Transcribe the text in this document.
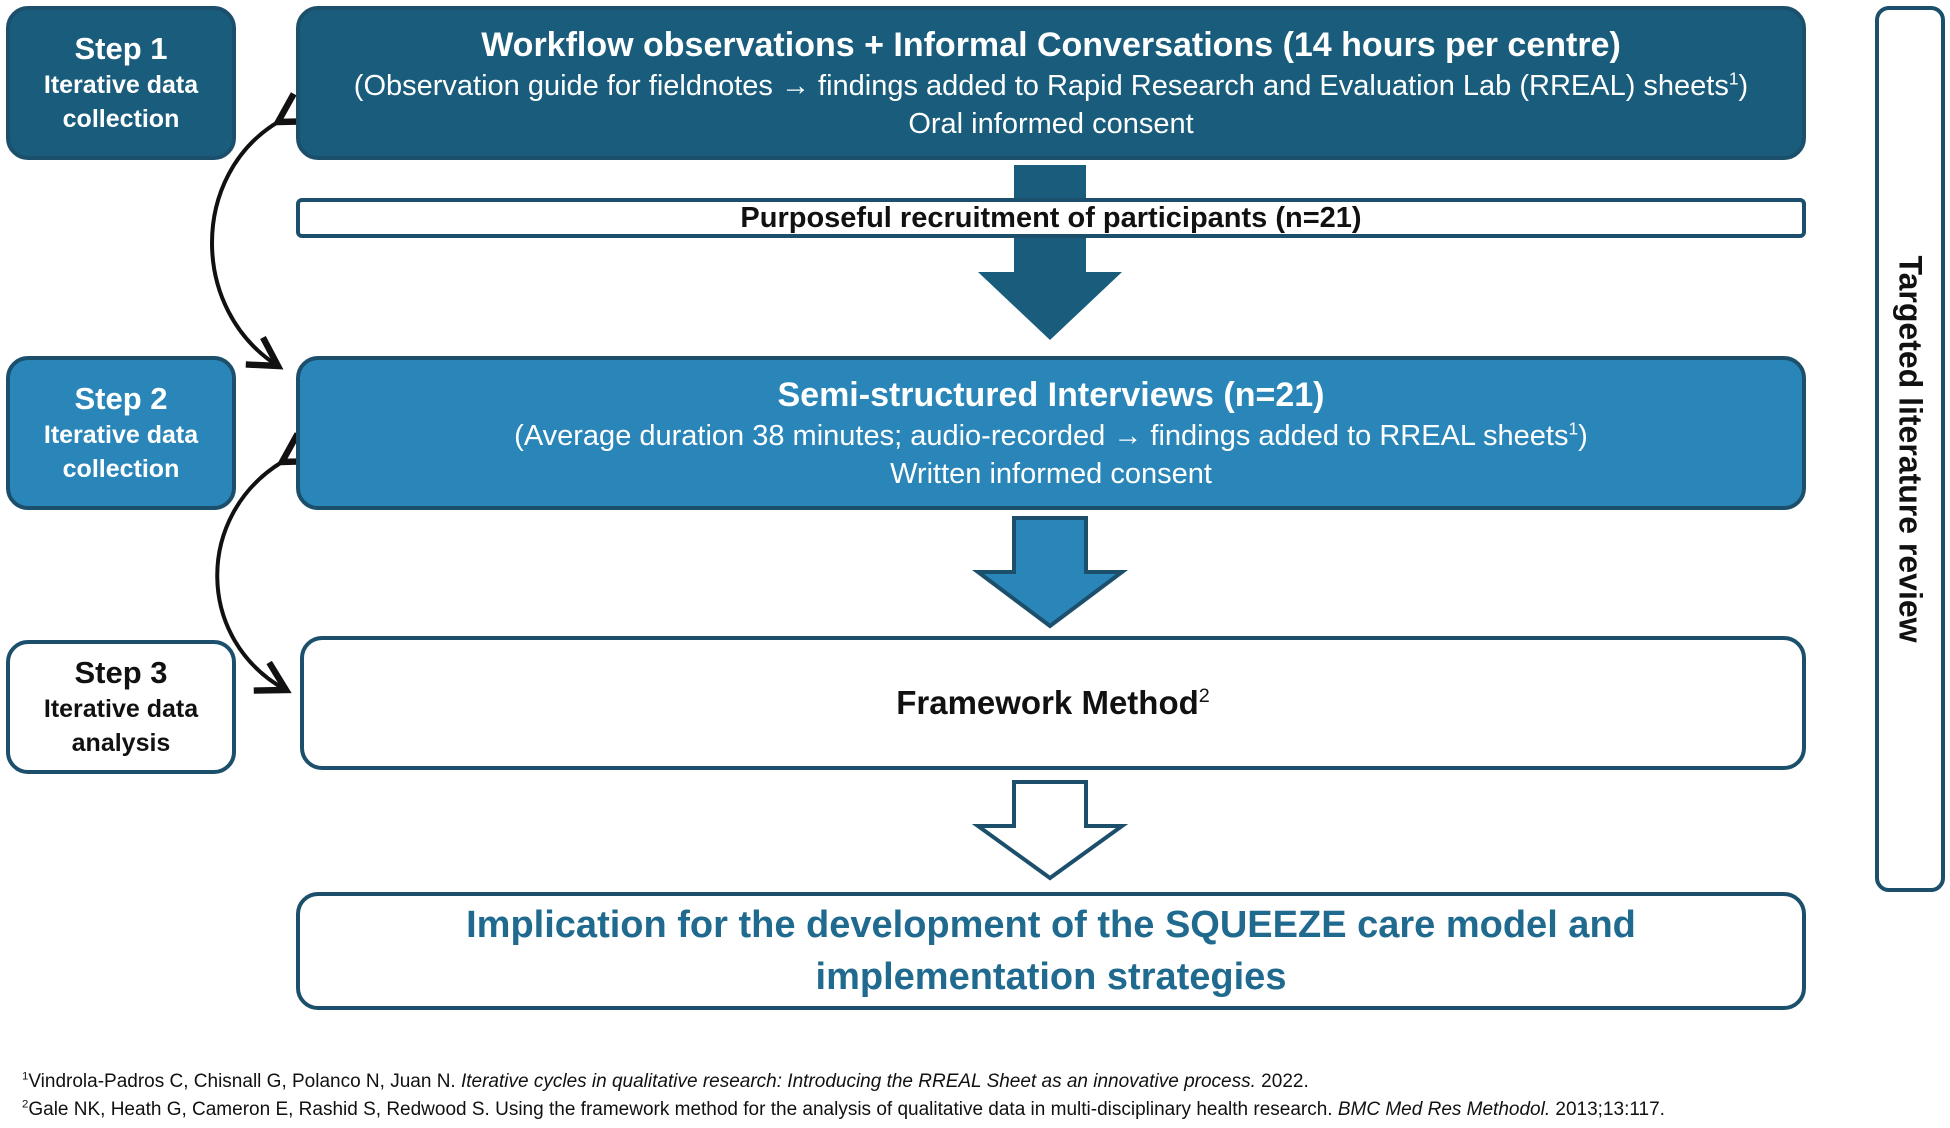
Step 1
Iterative data collection
Step 2
Iterative data collection
Step 3
Iterative data analysis
Workflow observations + Informal Conversations (14 hours per centre)
(Observation guide for fieldnotes → findings added to Rapid Research and Evaluation Lab (RREAL) sheets$^1$)
Oral informed consent
Purposeful recruitment of participants (n=21)
Semi-structured Interviews (n=21)
(Average duration 38 minutes; audio-recorded → findings added to RREAL sheets$^1$)
Written informed consent
Framework Method$^2$
Implication for the development of the SQUEEZE care model and implementation strategies
Targeted literature review
$^1$Vindrola-Padros C, Chisnall G, Polanco N, Juan N. Iterative cycles in qualitative research: Introducing the RREAL Sheet as an innovative process. 2022.
$^2$Gale NK, Heath G, Cameron E, Rashid S, Redwood S. Using the framework method for the analysis of qualitative data in multi-disciplinary health research. BMC Med Res Methodol. 2013;13:117.
